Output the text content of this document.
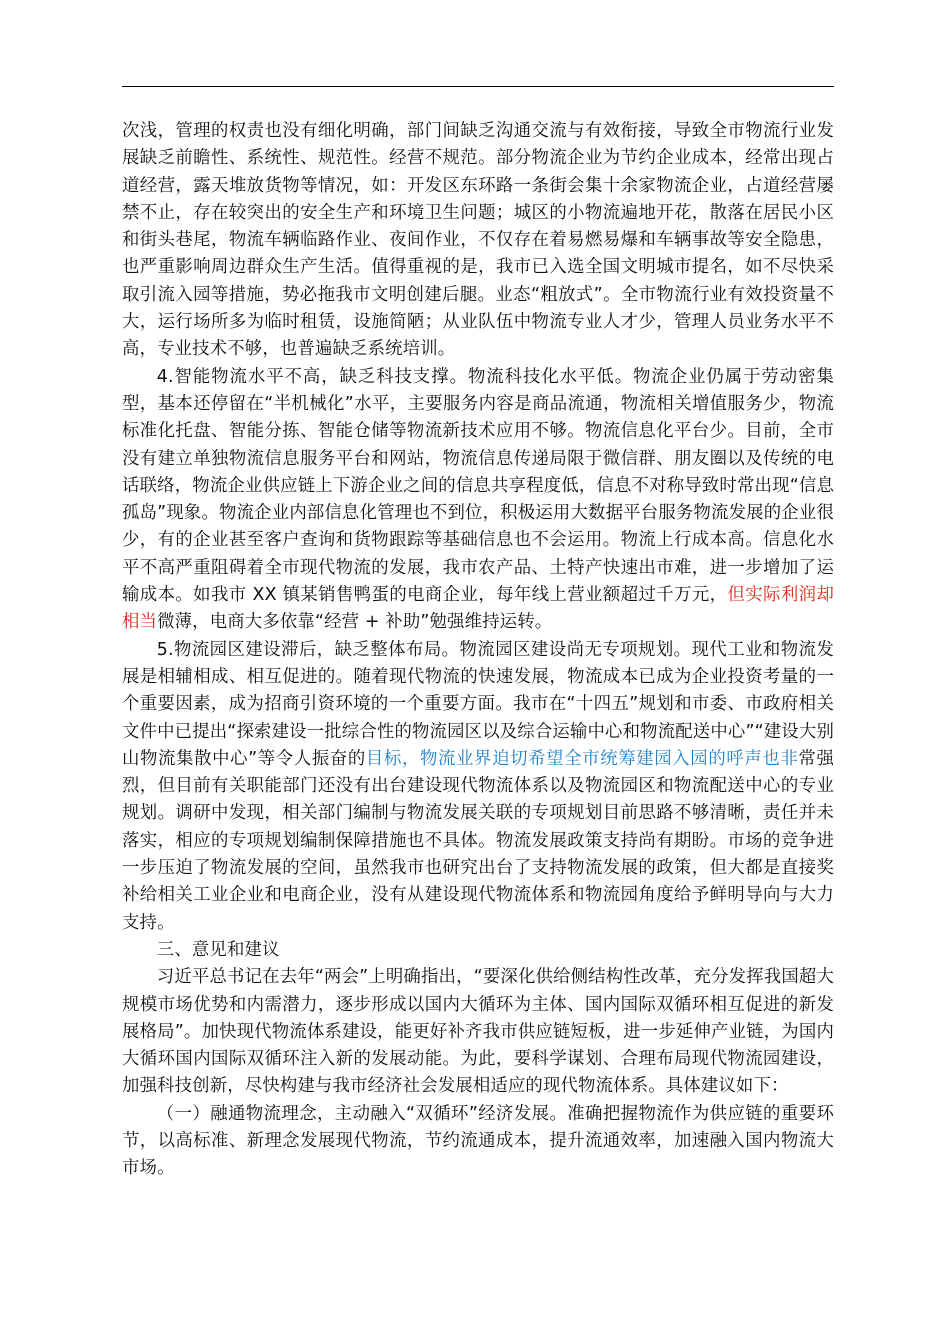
次浅，管理的权责也没有细化明确，部门间缺乏沟通交流与有效衔接，导致全市物流行业发展缺乏前瞻性、系统性、规范性。经营不规范。部分物流企业为节约企业成本，经常出现占道经营，露天堆放货物等情况，如：开发区东环路一条街会集十余家物流企业，占道经营屡禁不止，存在较突出的安全生产和环境卫生问题；城区的小物流遍地开花，散落在居民小区和街头巷尾，物流车辆临路作业、夜间作业，不仅存在着易燃易爆和车辆事故等安全隐患，也严重影响周边群众生产生活。值得重视的是，我市已入选全国文明城市提名，如不尽快采取引流入园等措施，势必拖我市文明创建后腿。业态“粗放式”。全市物流行业有效投资量不大，运行场所多为临时租赁，设施简陋；从业队伍中物流专业人才少，管理人员业务水平不高，专业技术不够，也普遍缺乏系统培训。

4.智能物流水平不高，缺乏科技支撑。物流科技化水平低。物流企业仍属于劳动密集型，基本还停留在“半机械化”水平，主要服务内容是商品流通，物流相关增值服务少，物流标准化托盘、智能分拣、智能仓储等物流新技术应用不够。物流信息化平台少。目前，全市没有建立单独物流信息服务平台和网站，物流信息传递局限于微信群、朋友圈以及传统的电话联络，物流企业供应链上下游企业之间的信息共享程度低，信息不对称导致时常出现“信息孤岛”现象。物流企业内部信息化管理也不到位，积极运用大数据平台服务物流发展的企业很少，有的企业甚至客户查询和货物跟踪等基础信息也不会运用。物流上行成本高。信息化水平不高严重阻碍着全市现代物流的发展，我市农产品、土特产快速出市难，进一步增加了运输成本。如我市 XX 镇某销售鸭蛋的电商企业，每年线上营业额超过千万元，但实际利润却相当微薄，电商大多依靠“经营 + 补助”勉强维持运转。

5.物流园区建设滞后，缺乏整体布局。物流园区建设尚无专项规划。现代工业和物流发展是相辅相成、相互促进的。随着现代物流的快速发展，物流成本已成为企业投资考量的一个重要因素，成为招商引资环境的一个重要方面。我市在“十四五”规划和市委、市政府相关文件中已提出“探索建设一批综合性的物流园区以及综合运输中心和物流配送中心”“建设大别山物流集散中心”等令人振奋的目标，物流业界迫切希望全市统筹建园入园的呼声也非常强烈，但目前有关职能部门还没有出台建设现代物流体系以及物流园区和物流配送中心的专业规划。调研中发现，相关部门编制与物流发展关联的专项规划目前思路不够清晰，责任并未落实，相应的专项规划编制保障措施也不具体。物流发展政策支持尚有期盼。市场的竞争进一步压迫了物流发展的空间，虽然我市也研究出台了支持物流发展的政策，但大都是直接奖补给相关工业企业和电商企业，没有从建设现代物流体系和物流园角度给予鲜明导向与大力支持。

三、意见和建议

习近平总书记在去年“两会”上明确指出，“要深化供给侧结构性改革，充分发挥我国超大规模市场优势和内需潜力，逐步形成以国内大循环为主体、国内国际双循环相互促进的新发展格局”。加快现代物流体系建设，能更好补齐我市供应链短板，进一步延伸产业链，为国内大循环国内国际双循环注入新的发展动能。为此，要科学谋划、合理布局现代物流园建设，加强科技创新，尽快构建与我市经济社会发展相适应的现代物流体系。具体建议如下：

（一）融通物流理念，主动融入“双循环”经济发展。准确把握物流作为供应链的重要环节，以高标准、新理念发展现代物流，节约流通成本，提升流通效率，加速融入国内物流大市场。
